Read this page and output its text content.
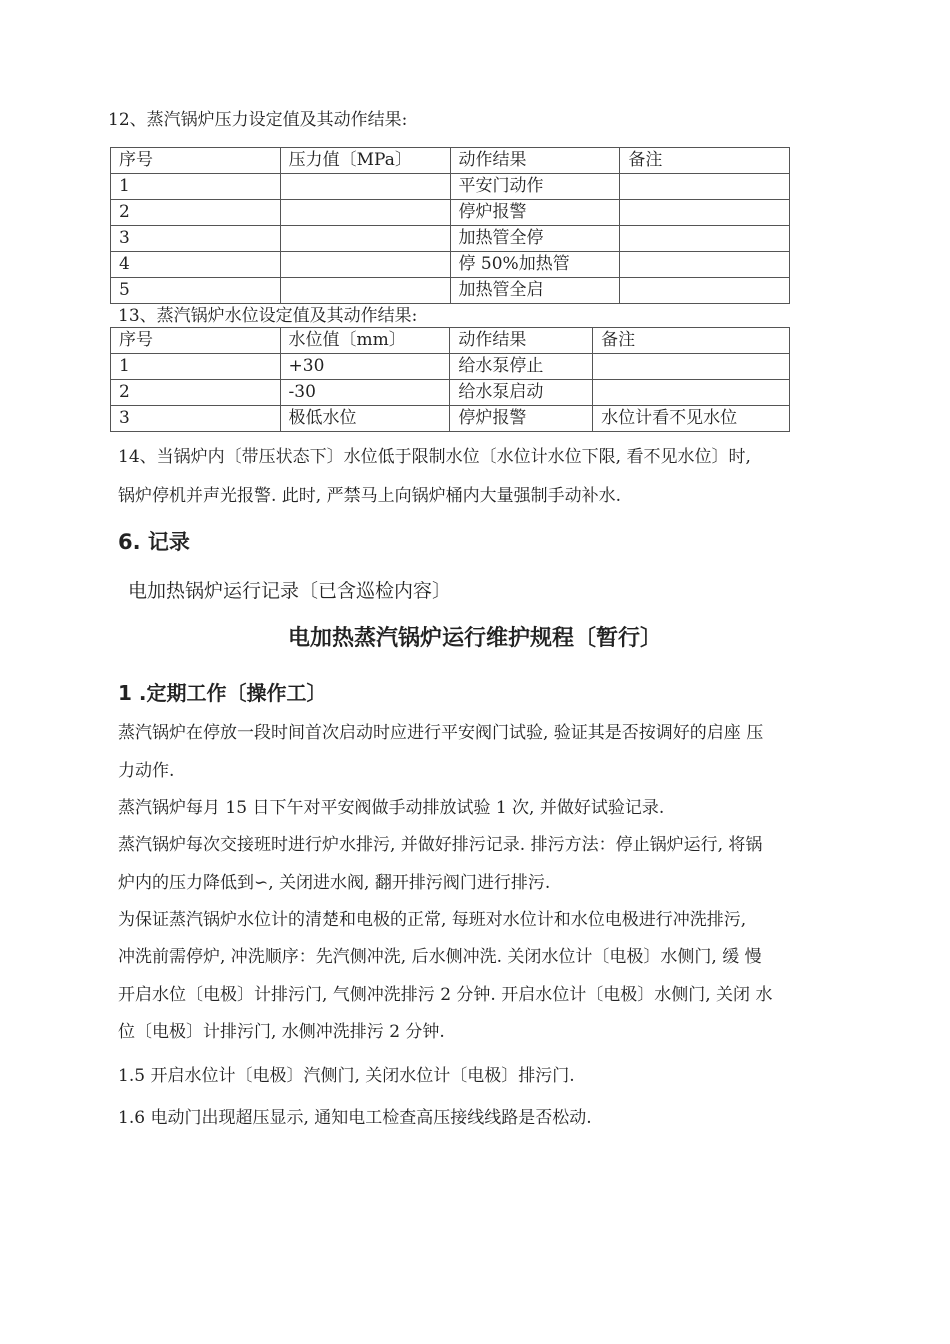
12、蒸汽锅炉压力设定值及其动作结果:
序号	压力值〔MPa〕	动作结果	备注
1		平安门动作	
2		停炉报警	
3		加热管全停	
4		停 50%加热管	
5		加热管全启	
13、蒸汽锅炉水位设定值及其动作结果:
序号	水位值〔mm〕	动作结果	备注
1	+30	给水泵停止	
2	-30	给水泵启动	
3	极低水位	停炉报警	水位计看不见水位
14、当锅炉内〔带压状态下〕水位低于限制水位〔水位计水位下限, 看不见水位〕时,
锅炉停机并声光报警. 此时, 严禁马上向锅炉桶内大量强制手动补水.
6. 记录
电加热锅炉运行记录〔已含巡检内容〕
电加热蒸汽锅炉运行维护规程〔暂行〕
1 .定期工作〔操作工〕
蒸汽锅炉在停放一段时间首次启动时应进行平安阀门试验, 验证其是否按调好的启座 压
力动作.
蒸汽锅炉每月 15 日下午对平安阀做手动排放试验 1 次, 并做好试验记录.
蒸汽锅炉每次交接班时进行炉水排污, 并做好排污记录. 排污方法：停止锅炉运行, 将锅
炉内的压力降低到∽, 关闭进水阀, 翻开排污阀门进行排污.
为保证蒸汽锅炉水位计的清楚和电极的正常, 每班对水位计和水位电极进行冲洗排污,
冲洗前需停炉, 冲洗顺序：先汽侧冲洗, 后水侧冲洗. 关闭水位计〔电极〕水侧门, 缓 慢
开启水位〔电极〕计排污门, 气侧冲洗排污 2 分钟. 开启水位计〔电极〕水侧门, 关闭 水
位〔电极〕计排污门, 水侧冲洗排污 2 分钟.
1.5 开启水位计〔电极〕汽侧门, 关闭水位计〔电极〕排污门.
1.6 电动门出现超压显示, 通知电工检查高压接线线路是否松动.
